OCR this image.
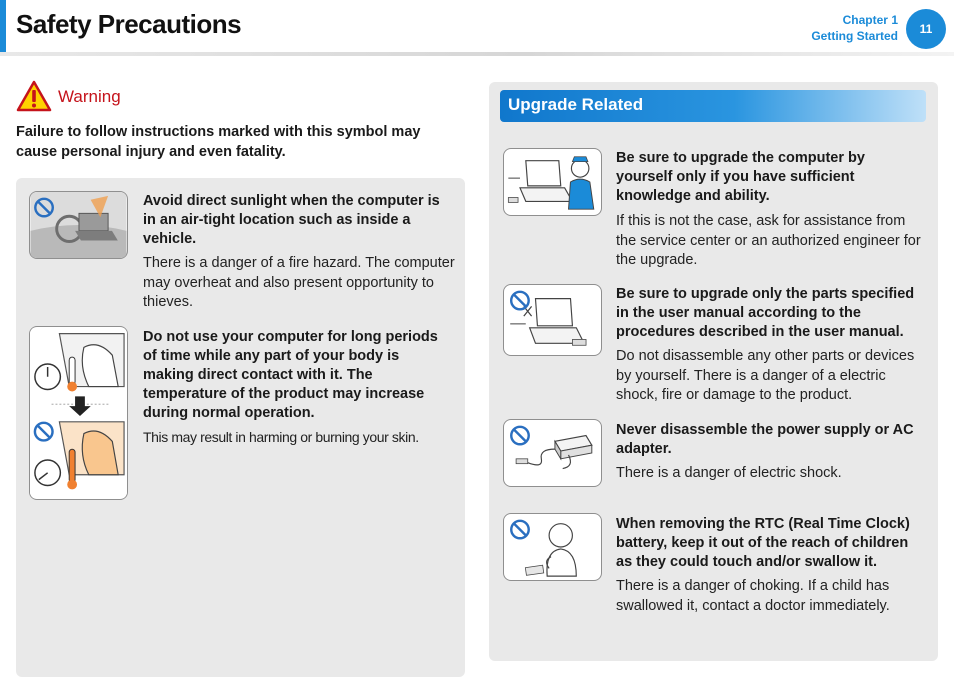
Safety Precautions	Chapter 1
Getting Started	11
Warning
Failure to follow instructions marked with this symbol may cause personal injury and even fatality.
Avoid direct sunlight when the computer is in an air-tight location such as inside a vehicle.
There is a danger of a fire hazard. The computer may overheat and also present opportunity to thieves.
Do not use your computer for long periods of time while any part of your body is making direct contact with it. The temperature of the product may increase during normal operation.
This may result in harming or burning your skin.
Upgrade Related
Be sure to upgrade the computer by yourself only if you have sufficient knowledge and ability.
If this is not the case, ask for assistance from the service center or an authorized engineer for the upgrade.
Be sure to upgrade only the parts specified in the user manual according to the procedures described in the user manual.
Do not disassemble any other parts or devices by yourself. There is a danger of a electric shock, fire or damage to the product.
Never disassemble the power supply or AC adapter.
There is a danger of electric shock.
When removing the RTC (Real Time Clock) battery, keep it out of the reach of children as they could touch and/or swallow it.
There is a danger of choking. If a child has swallowed it, contact a doctor immediately.
